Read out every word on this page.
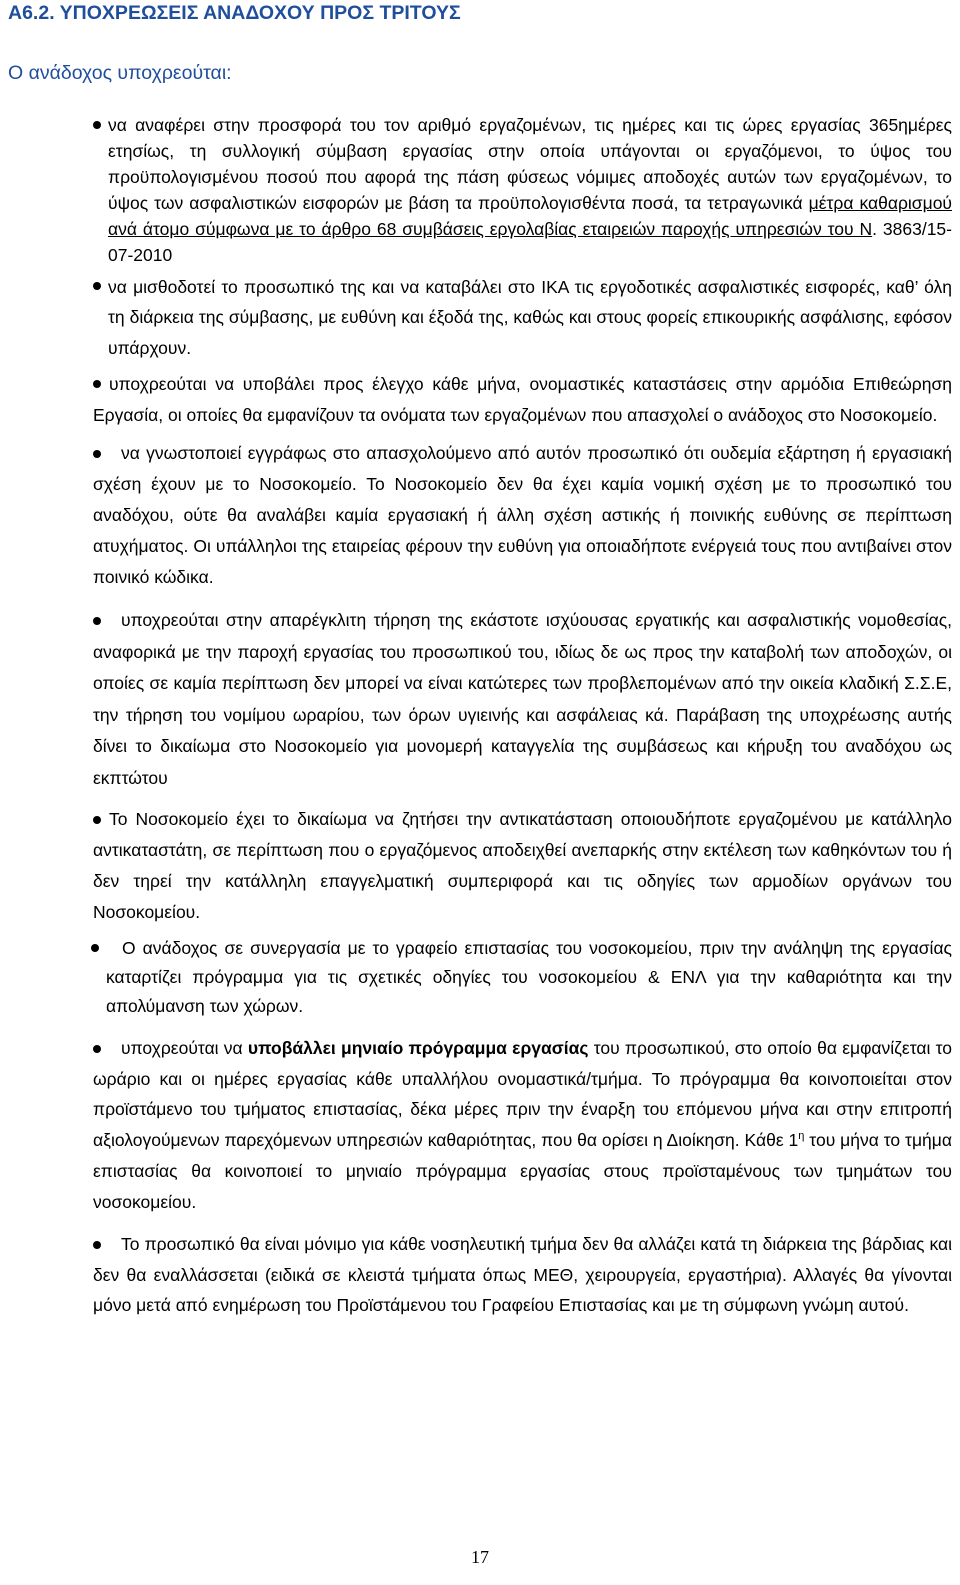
Α6.2. ΥΠΟΧΡΕΩΣΕΙΣ ΑΝΑΔΟΧΟΥ ΠΡΟΣ ΤΡΙΤΟΥΣ
Ο ανάδοχος υποχρεούται:
να αναφέρει στην προσφορά του τον αριθμό εργαζομένων, τις ημέρες και τις ώρες εργασίας 365ημέρες ετησίως, τη συλλογική σύμβαση εργασίας στην οποία υπάγονται οι εργαζόμενοι, το ύψος του προϋπολογισμένου ποσού που αφορά της πάση φύσεως νόμιμες αποδοχές αυτών των εργαζομένων, το ύψος των ασφαλιστικών εισφορών με βάση τα προϋπολογισθέντα ποσά, τα τετραγωνικά μέτρα καθαρισμού ανά άτομο σύμφωνα με το άρθρο 68 συμβάσεις εργολαβίας εταιρειών παροχής υπηρεσιών του Ν. 3863/15-07-2010
να μισθοδοτεί το προσωπικό της και να καταβάλει στο ΙΚΑ τις εργοδοτικές ασφαλιστικές εισφορές, καθ’ όλη τη διάρκεια της σύμβασης, με ευθύνη και έξοδά της, καθώς και στους φορείς επικουρικής ασφάλισης, εφόσον υπάρχουν.
υποχρεούται να υποβάλει προς έλεγχο κάθε μήνα, ονομαστικές καταστάσεις στην αρμόδια Επιθεώρηση Εργασία, οι οποίες θα εμφανίζουν τα ονόματα των εργαζομένων που απασχολεί ο ανάδοχος στο Νοσοκομείο.
να γνωστοποιεί εγγράφως στο απασχολούμενο από αυτόν προσωπικό ότι ουδεμία εξάρτηση ή εργασιακή σχέση έχουν με το Νοσοκομείο. Το Νοσοκομείο δεν θα έχει καμία νομική σχέση με το προσωπικό του αναδόχου, ούτε θα αναλάβει καμία εργασιακή ή άλλη σχέση αστικής ή ποινικής ευθύνης σε περίπτωση ατυχήματος. Οι υπάλληλοι της εταιρείας φέρουν την ευθύνη για οποιαδήποτε ενέργειά τους που αντιβαίνει στον ποινικό κώδικα.
υποχρεούται στην απαρέγκλιτη τήρηση της εκάστοτε ισχύουσας εργατικής και ασφαλιστικής νομοθεσίας, αναφορικά με την παροχή εργασίας του προσωπικού του, ιδίως δε ως προς την καταβολή των αποδοχών, οι οποίες σε καμία περίπτωση δεν μπορεί να είναι κατώτερες των προβλεπομένων από την οικεία κλαδική Σ.Σ.Ε, την τήρηση του νομίμου ωραρίου, των όρων υγιεινής και ασφάλειας κά. Παράβαση της υποχρέωσης αυτής δίνει το δικαίωμα στο Νοσοκομείο για μονομερή καταγγελία της συμβάσεως και κήρυξη του αναδόχου ως εκπτώτου
Το Νοσοκομείο έχει το δικαίωμα να ζητήσει την αντικατάσταση οποιουδήποτε εργαζομένου με κατάλληλο αντικαταστάτη, σε περίπτωση που ο εργαζόμενος αποδειχθεί ανεπαρκής στην εκτέλεση των καθηκόντων του ή δεν τηρεί την κατάλληλη επαγγελματική συμπεριφορά και τις οδηγίες των αρμοδίων οργάνων του Νοσοκομείου.
Ο ανάδοχος σε συνεργασία με το γραφείο επιστασίας του νοσοκομείου, πριν την ανάληψη της εργασίας καταρτίζει πρόγραμμα για τις σχετικές οδηγίες του νοσοκομείου & ΕΝΛ για την καθαριότητα και την απολύμανση των χώρων.
υποχρεούται να υποβάλλει μηνιαίο πρόγραμμα εργασίας του προσωπικού, στο οποίο θα εμφανίζεται το ωράριο και οι ημέρες εργασίας κάθε υπαλλήλου ονομαστικά/τμήμα. Το πρόγραμμα θα κοινοποιείται στον προϊστάμενο του τμήματος επιστασίας, δέκα μέρες πριν την έναρξη του επόμενου μήνα και στην επιτροπή αξιολογούμενων παρεχόμενων υπηρεσιών καθαριότητας, που θα ορίσει η Διοίκηση. Κάθε $1^\eta$ του μήνα το τμήμα επιστασίας θα κοινοποιεί το μηνιαίο πρόγραμμα εργασίας στους προϊσταμένους των τμημάτων του νοσοκομείου.
Το προσωπικό θα είναι μόνιμο για κάθε νοσηλευτική τμήμα δεν θα αλλάζει κατά τη διάρκεια της βάρδιας και δεν θα εναλλάσσεται (ειδικά σε κλειστά τμήματα όπως ΜΕΘ, χειρουργεία, εργαστήρια). Αλλαγές θα γίνονται μόνο μετά από ενημέρωση του Προϊστάμενου του Γραφείου Επιστασίας και με τη σύμφωνη γνώμη αυτού.
17
